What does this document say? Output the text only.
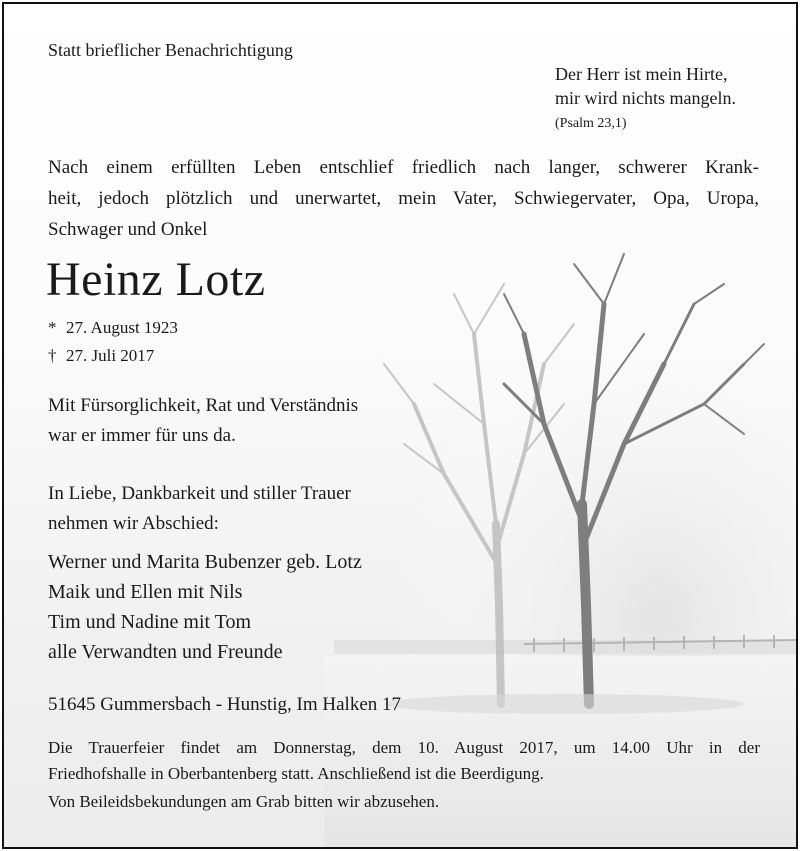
Statt brieflicher Benachrichtigung

Der Herr ist mein Hirte,
mir wird nichts mangeln.
(Psalm 23,1)
Nach einem erfüllten Leben entschlief friedlich nach langer, schwerer Krank-
heit, jedoch plötzlich und unerwartet, mein Vater, Schwiegervater, Opa, Uropa,
Schwager und Onkel
Heinz Lotz
* 27. August 1923
† 27. Juli 2017
Mit Fürsorglichkeit, Rat und Verständnis
war er immer für uns da.
In Liebe, Dankbarkeit und stiller Trauer
nehmen wir Abschied:
Werner und Marita Bubenzer geb. Lotz
Maik und Ellen mit Nils
Tim und Nadine mit Tom
alle Verwandten und Freunde

51645 Gummersbach - Hunstig, Im Halken 17

Die Trauerfeier findet am Donnerstag, dem 10. August 2017, um 14.00 Uhr in der
Friedhofshalle in Oberbantenberg statt. Anschließend ist die Beerdigung.

Von Beileidsbekundungen am Grab bitten wir abzusehen.
